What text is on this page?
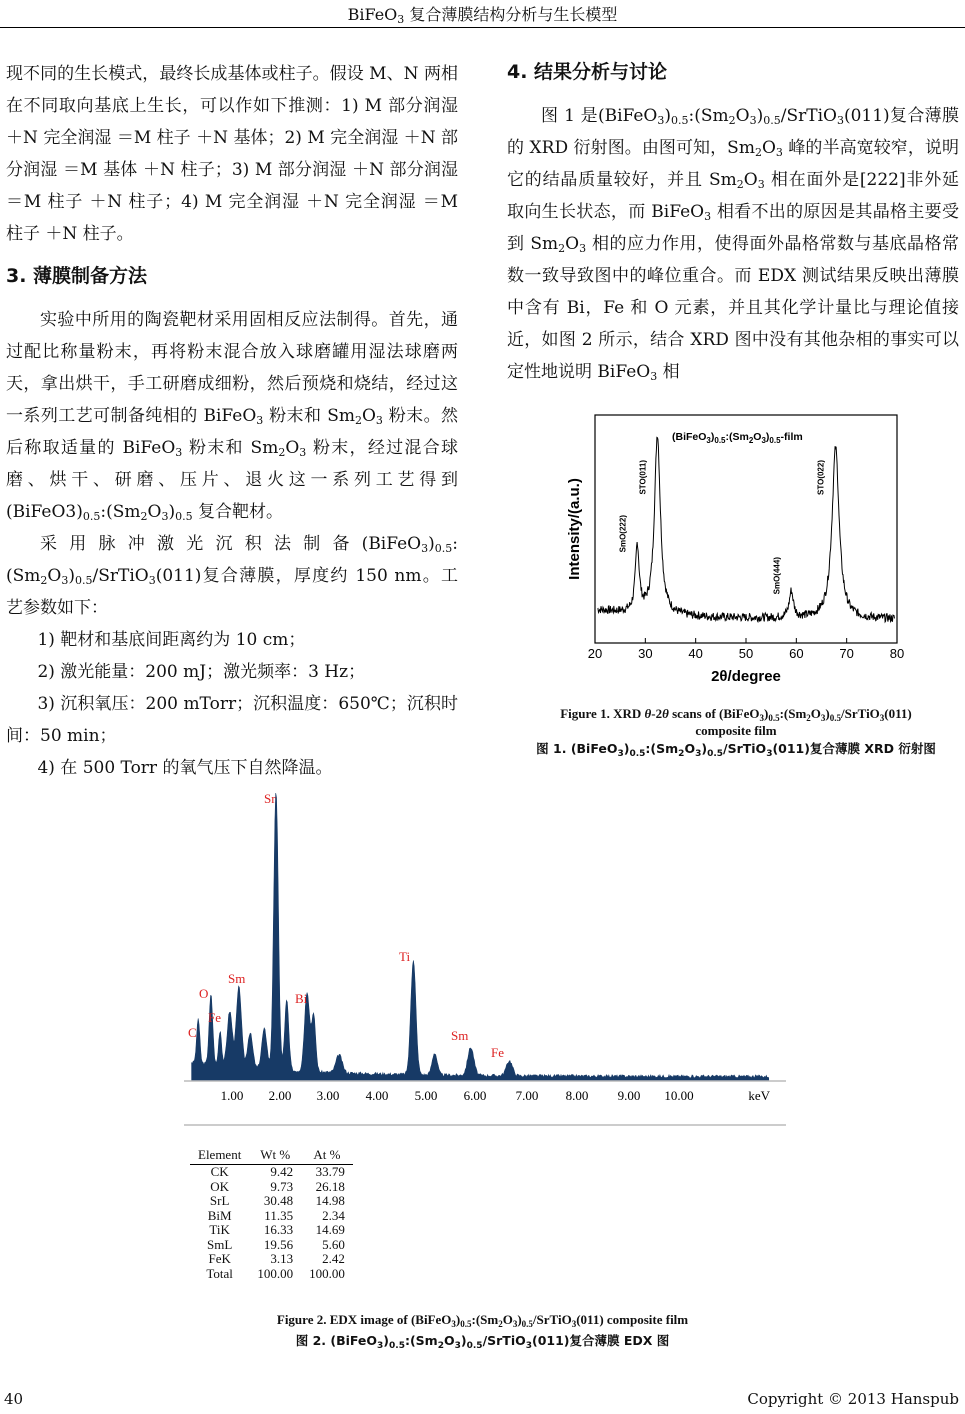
BiFeO$_3$ 复合薄膜结构分析与生长模型

现不同的生长模式，最终长成基体或柱子。假设 M、N 两相在不同取向基底上生长，可以作如下推测：1) M 部分润湿 ＋N 完全润湿 ＝M 柱子 ＋N 基体；2) M 完全润湿 ＋N 部分润湿 ＝M 基体 ＋N 柱子；3) M 部分润湿 ＋N 部分润湿 ＝M 柱子 ＋N 柱子；4) M 完全润湿 ＋N 完全润湿 ＝M 柱子 ＋N 柱子。

3. 薄膜制备方法

实验中所用的陶瓷靶材采用固相反应法制得。首先，通过配比称量粉末，再将粉末混合放入球磨罐用湿法球磨两天，拿出烘干，手工研磨成细粉，然后预烧和烧结，经过这一系列工艺可制备纯相的 BiFeO$_3$ 粉末和 $Sm_2O_3$ 粉末。然后称取适量的 BiFeO$_3$ 粉末和 $Sm_2O_3$ 粉末，经过混合球磨、烘干、研磨、压片、退火这一系列工艺得到$(BiFeO3)_{0.5}:(Sm_2O_3)_{0.5}$ 复合靶材。

采用脉冲激光沉积法制备$(BiFeO_3)_{0.5}:(Sm_2O_3)_{0.5}/SrTiO_3(011)$复合薄膜，厚度约 150 nm。工艺参数如下：

1) 靶材和基底间距离约为 10 cm；

2) 激光能量：200 mJ；激光频率：3 Hz；

3) 沉积氧压：200 mTorr；沉积温度：650℃；沉积时间：50 min；

4) 在 500 Torr 的氧气压下自然降温。

4. 结果分析与讨论

图 1 是$(BiFeO_3)_{0.5}:(Sm_2O_3)_{0.5}/SrTiO_3(011)$复合薄膜的 XRD 衍射图。由图可知，$Sm_2O_3$ 峰的半高宽较窄，说明它的结晶质量较好，并且 $Sm_2O_3$ 相在面外是[222]非外延取向生长状态，而 BiFeO$_3$ 相看不出的原因是其晶格主要受到 $Sm_2O_3$ 相的应力作用，使得面外晶格常数与基底晶格常数一致导致图中的峰位重合。而 EDX 测试结果反映出薄膜中含有 Bi，Fe 和 O 元素，并且其化学计量比与理论值接近，如图 2 所示，结合 XRD 图中没有其他杂相的事实可以定性地说明 BiFeO$_3$ 相

20	30	40	50	60	70	80
SmO(222)
STO(011)
SmO(444)
STO(022)
$(BiFeO_3)_{0.5}:(Sm_2O_3)_{0.5}$-film
2θ/degree
Intensity/(a.u.)
Figure 1. XRD θ-2θ scans of $(BiFeO_3)_{0.5}:(Sm_2O_3)_{0.5}/SrTiO_3(011)$
composite film
图 1. $(BiFeO_3)_{0.5}:(Sm_2O_3)_{0.5}/SrTiO_3(011)$复合薄膜 XRD 衍射图
C
O
Fe
Sm
Sr
Bi
Ti
Sm
Fe
1.00 2.00 3.00 4.00 5.00 6.00 7.00 8.00 9.00 10.00	keV
Element	Wt %	At %
CK	9.42	33.79
OK	9.73	26.18
SrL	30.48	14.98
BiM	11.35	2.34
TiK	16.33	14.69
SmL	19.56	5.60
FeK	3.13	2.42
Total	100.00	100.00
Figure 2. EDX image of $(BiFeO_3)_{0.5}:(Sm_2O_3)_{0.5}/SrTiO_3(011)$ composite film
图 2. $(BiFeO_3)_{0.5}:(Sm_2O_3)_{0.5}/SrTiO_3(011)$复合薄膜 EDX 图
40	Copyright © 2013 Hanspub
